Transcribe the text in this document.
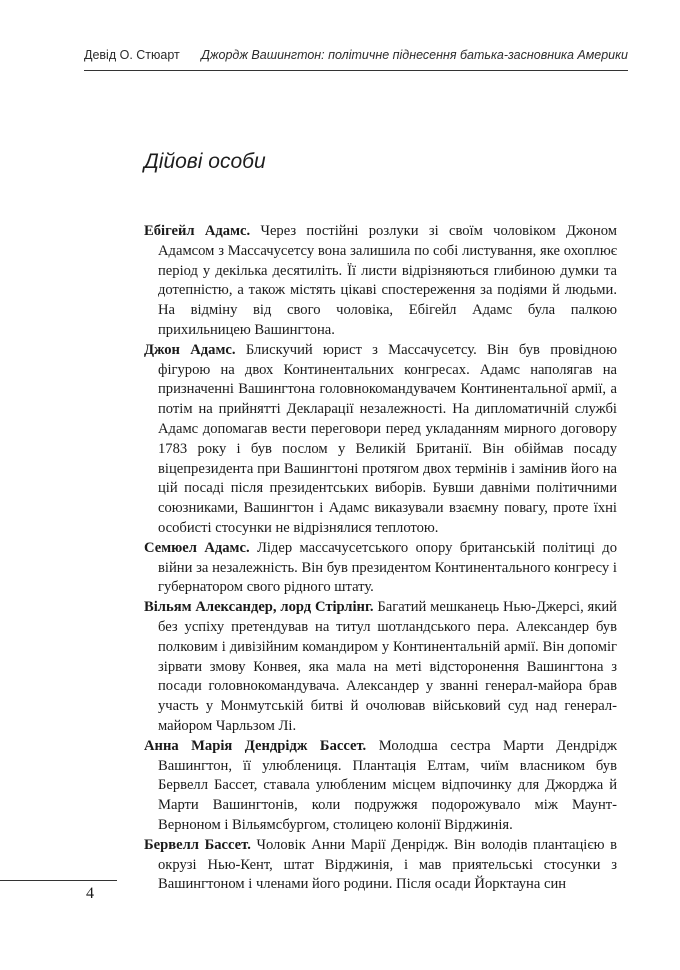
Девід О. Стюарт Джордж Вашингтон: політичне піднесення батька-засновника Америки
Дійові особи

Ебігейл Адамс. Через постійні розлуки зі своїм чоловіком Джоном Адамсом з Массачусетсу вона залишила по собі листування, яке охоплює період у декілька десятиліть. Її листи відрізняються глибиною думки та дотепністю, а також містять цікаві спостереження за подіями й людьми. На відміну від свого чоловіка, Ебігейл Адамс була палкою прихильницею Вашингтона.

Джон Адамс. Блискучий юрист з Массачусетсу. Він був провідною фігурою на двох Континентальних конгресах. Адамс наполягав на призначенні Вашингтона головнокомандувачем Континентальної армії, а потім на прийнятті Декларації незалежності. На дипломатичній службі Адамс допомагав вести переговори перед укладанням мирного договору 1783 року і був послом у Великій Британії. Він обіймав посаду віцепрезидента при Вашингтоні протягом двох термінів і замінив його на цій посаді після президентських виборів. Бувши давніми політичними союзниками, Вашингтон і Адамс виказували взаємну повагу, проте їхні особисті стосунки не відрізнялися теплотою.

Семюел Адамс. Лідер массачусетського опору британській політиці до війни за незалежність. Він був президентом Континентального конгресу і губернатором свого рідного штату.

Вільям Александер, лорд Стірлінг. Багатий мешканець Нью-Джерсі, який без успіху претендував на титул шотландського пера. Александер був полковим і дивізійним командиром у Континентальній армії. Він допоміг зірвати змову Конвея, яка мала на меті відсторонення Вашингтона з посади головнокомандувача. Александер у званні генерал-майора брав участь у Монмутській битві й очолював військовий суд над генерал-майором Чарльзом Лі.

Анна Марія Дендрідж Бассет. Молодша сестра Марти Дендрідж Вашингтон, її улюблениця. Плантація Елтам, чиїм власником був Бервелл Бассет, ставала улюбленим місцем відпочинку для Джорджа й Марти Вашингтонів, коли подружжя подорожувало між Маунт-Верноном і Вільямсбургом, столицею колонії Вірджинія.

Бервелл Бассет. Чоловік Анни Марії Денрідж. Він володів плантацією в окрузі Нью-Кент, штат Вірджинія, і мав приятельські стосунки з Вашингтоном і членами його родини. Після осади Йорктауна син

4
